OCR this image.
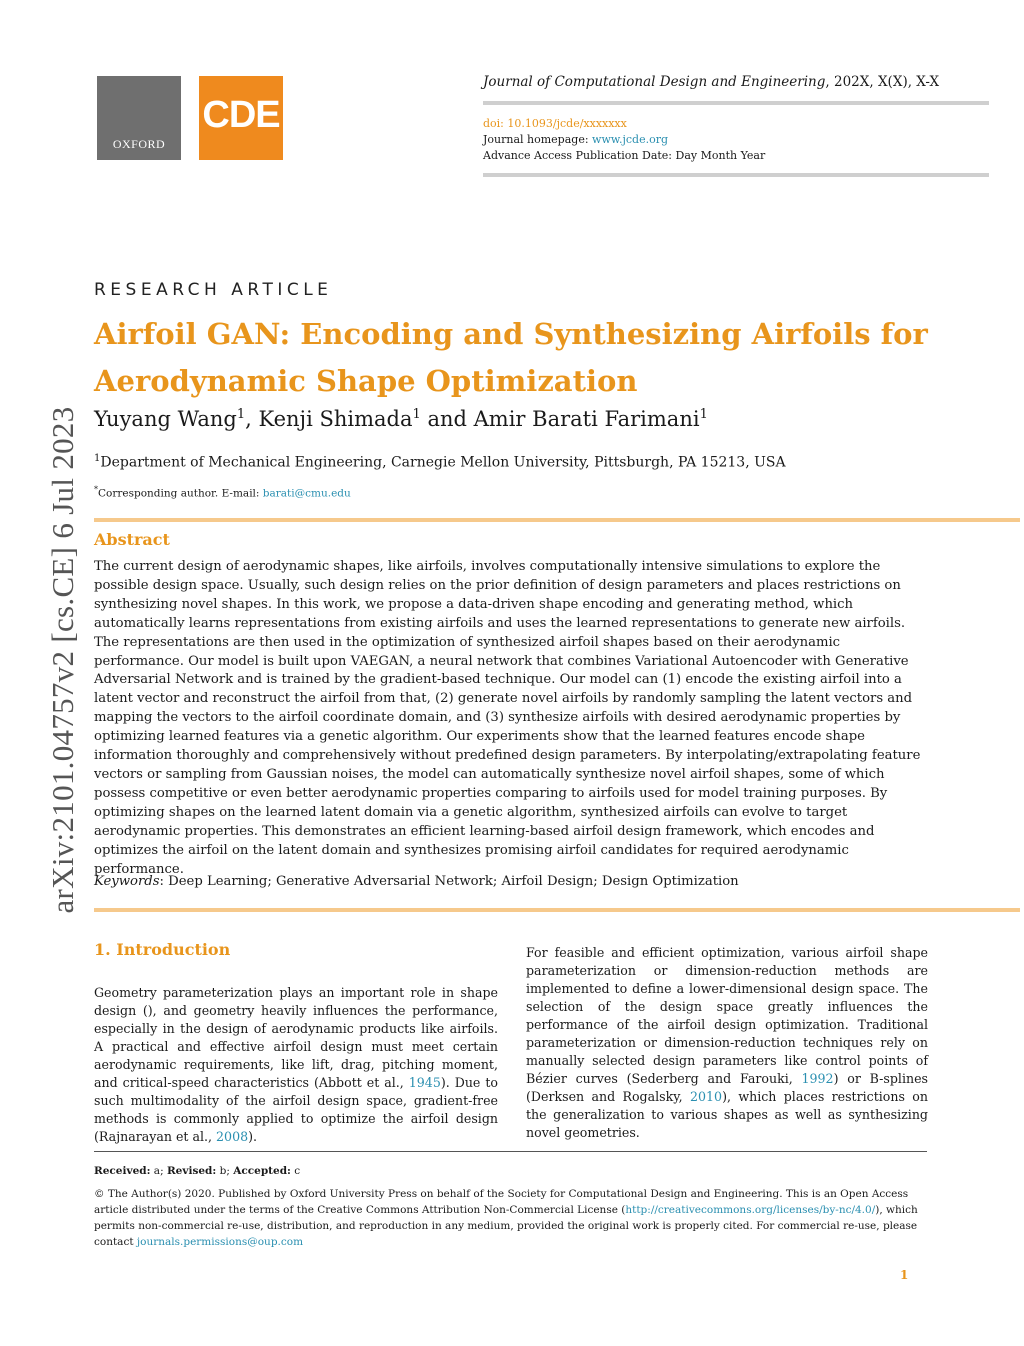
OXFORD
CDE
Journal of Computational Design and Engineering, 202X, X(X), X-X
doi: 10.1093/jcde/xxxxxxx
Journal homepage: www.jcde.org
Advance Access Publication Date: Day Month Year
arXiv:2101.04757v2 [cs.CE] 6 Jul 2023
RESEARCH ARTICLE
Airfoil GAN: Encoding and Synthesizing Airfoils for Aerodynamic Shape Optimization
Yuyang Wang$^1$, Kenji Shimada$^1$ and Amir Barati Farimani$^1$
$^1$Department of Mechanical Engineering, Carnegie Mellon University, Pittsburgh, PA 15213, USA
*Corresponding author. E-mail: barati@cmu.edu
Abstract
The current design of aerodynamic shapes, like airfoils, involves computationally intensive simulations to explore the possible design space. Usually, such design relies on the prior definition of design parameters and places restrictions on synthesizing novel shapes. In this work, we propose a data-driven shape encoding and generating method, which automatically learns representations from existing airfoils and uses the learned representations to generate new airfoils. The representations are then used in the optimization of synthesized airfoil shapes based on their aerodynamic performance. Our model is built upon VAEGAN, a neural network that combines Variational Autoencoder with Generative Adversarial Network and is trained by the gradient-based technique. Our model can (1) encode the existing airfoil into a latent vector and reconstruct the airfoil from that, (2) generate novel airfoils by randomly sampling the latent vectors and mapping the vectors to the airfoil coordinate domain, and (3) synthesize airfoils with desired aerodynamic properties by optimizing learned features via a genetic algorithm. Our experiments show that the learned features encode shape information thoroughly and comprehensively without predefined design parameters. By interpolating/extrapolating feature vectors or sampling from Gaussian noises, the model can automatically synthesize novel airfoil shapes, some of which possess competitive or even better aerodynamic properties comparing to airfoils used for model training purposes. By optimizing shapes on the learned latent domain via a genetic algorithm, synthesized airfoils can evolve to target aerodynamic properties. This demonstrates an efficient learning-based airfoil design framework, which encodes and optimizes the airfoil on the latent domain and synthesizes promising airfoil candidates for required aerodynamic performance.
Keywords: Deep Learning; Generative Adversarial Network; Airfoil Design; Design Optimization
1. Introduction

Geometry parameterization plays an important role in shape design (), and geometry heavily influences the performance, especially in the design of aerodynamic products like airfoils. A practical and effective airfoil design must meet certain aerodynamic requirements, like lift, drag, pitching moment, and critical-speed characteristics (Abbott et al., 1945). Due to such multimodality of the airfoil design space, gradient-free methods is commonly applied to optimize the airfoil design (Rajnarayan et al., 2008).

For feasible and efficient optimization, various airfoil shape parameterization or dimension-reduction methods are implemented to define a lower-dimensional design space. The selection of the design space greatly influences the performance of the airfoil design optimization. Traditional parameterization or dimension-reduction techniques rely on manually selected design parameters like control points of Bézier curves (Sederberg and Farouki, 1992) or B-splines (Derksen and Rogalsky, 2010), which places restrictions on the generalization to various shapes as well as synthesizing novel geometries.

Received: a; Revised: b; Accepted: c
© The Author(s) 2020. Published by Oxford University Press on behalf of the Society for Computational Design and Engineering. This is an Open Access article distributed under the terms of the Creative Commons Attribution Non-Commercial License (http://creativecommons.org/licenses/by-nc/4.0/), which permits non-commercial re-use, distribution, and reproduction in any medium, provided the original work is properly cited. For commercial re-use, please contact journals.permissions@oup.com
1
